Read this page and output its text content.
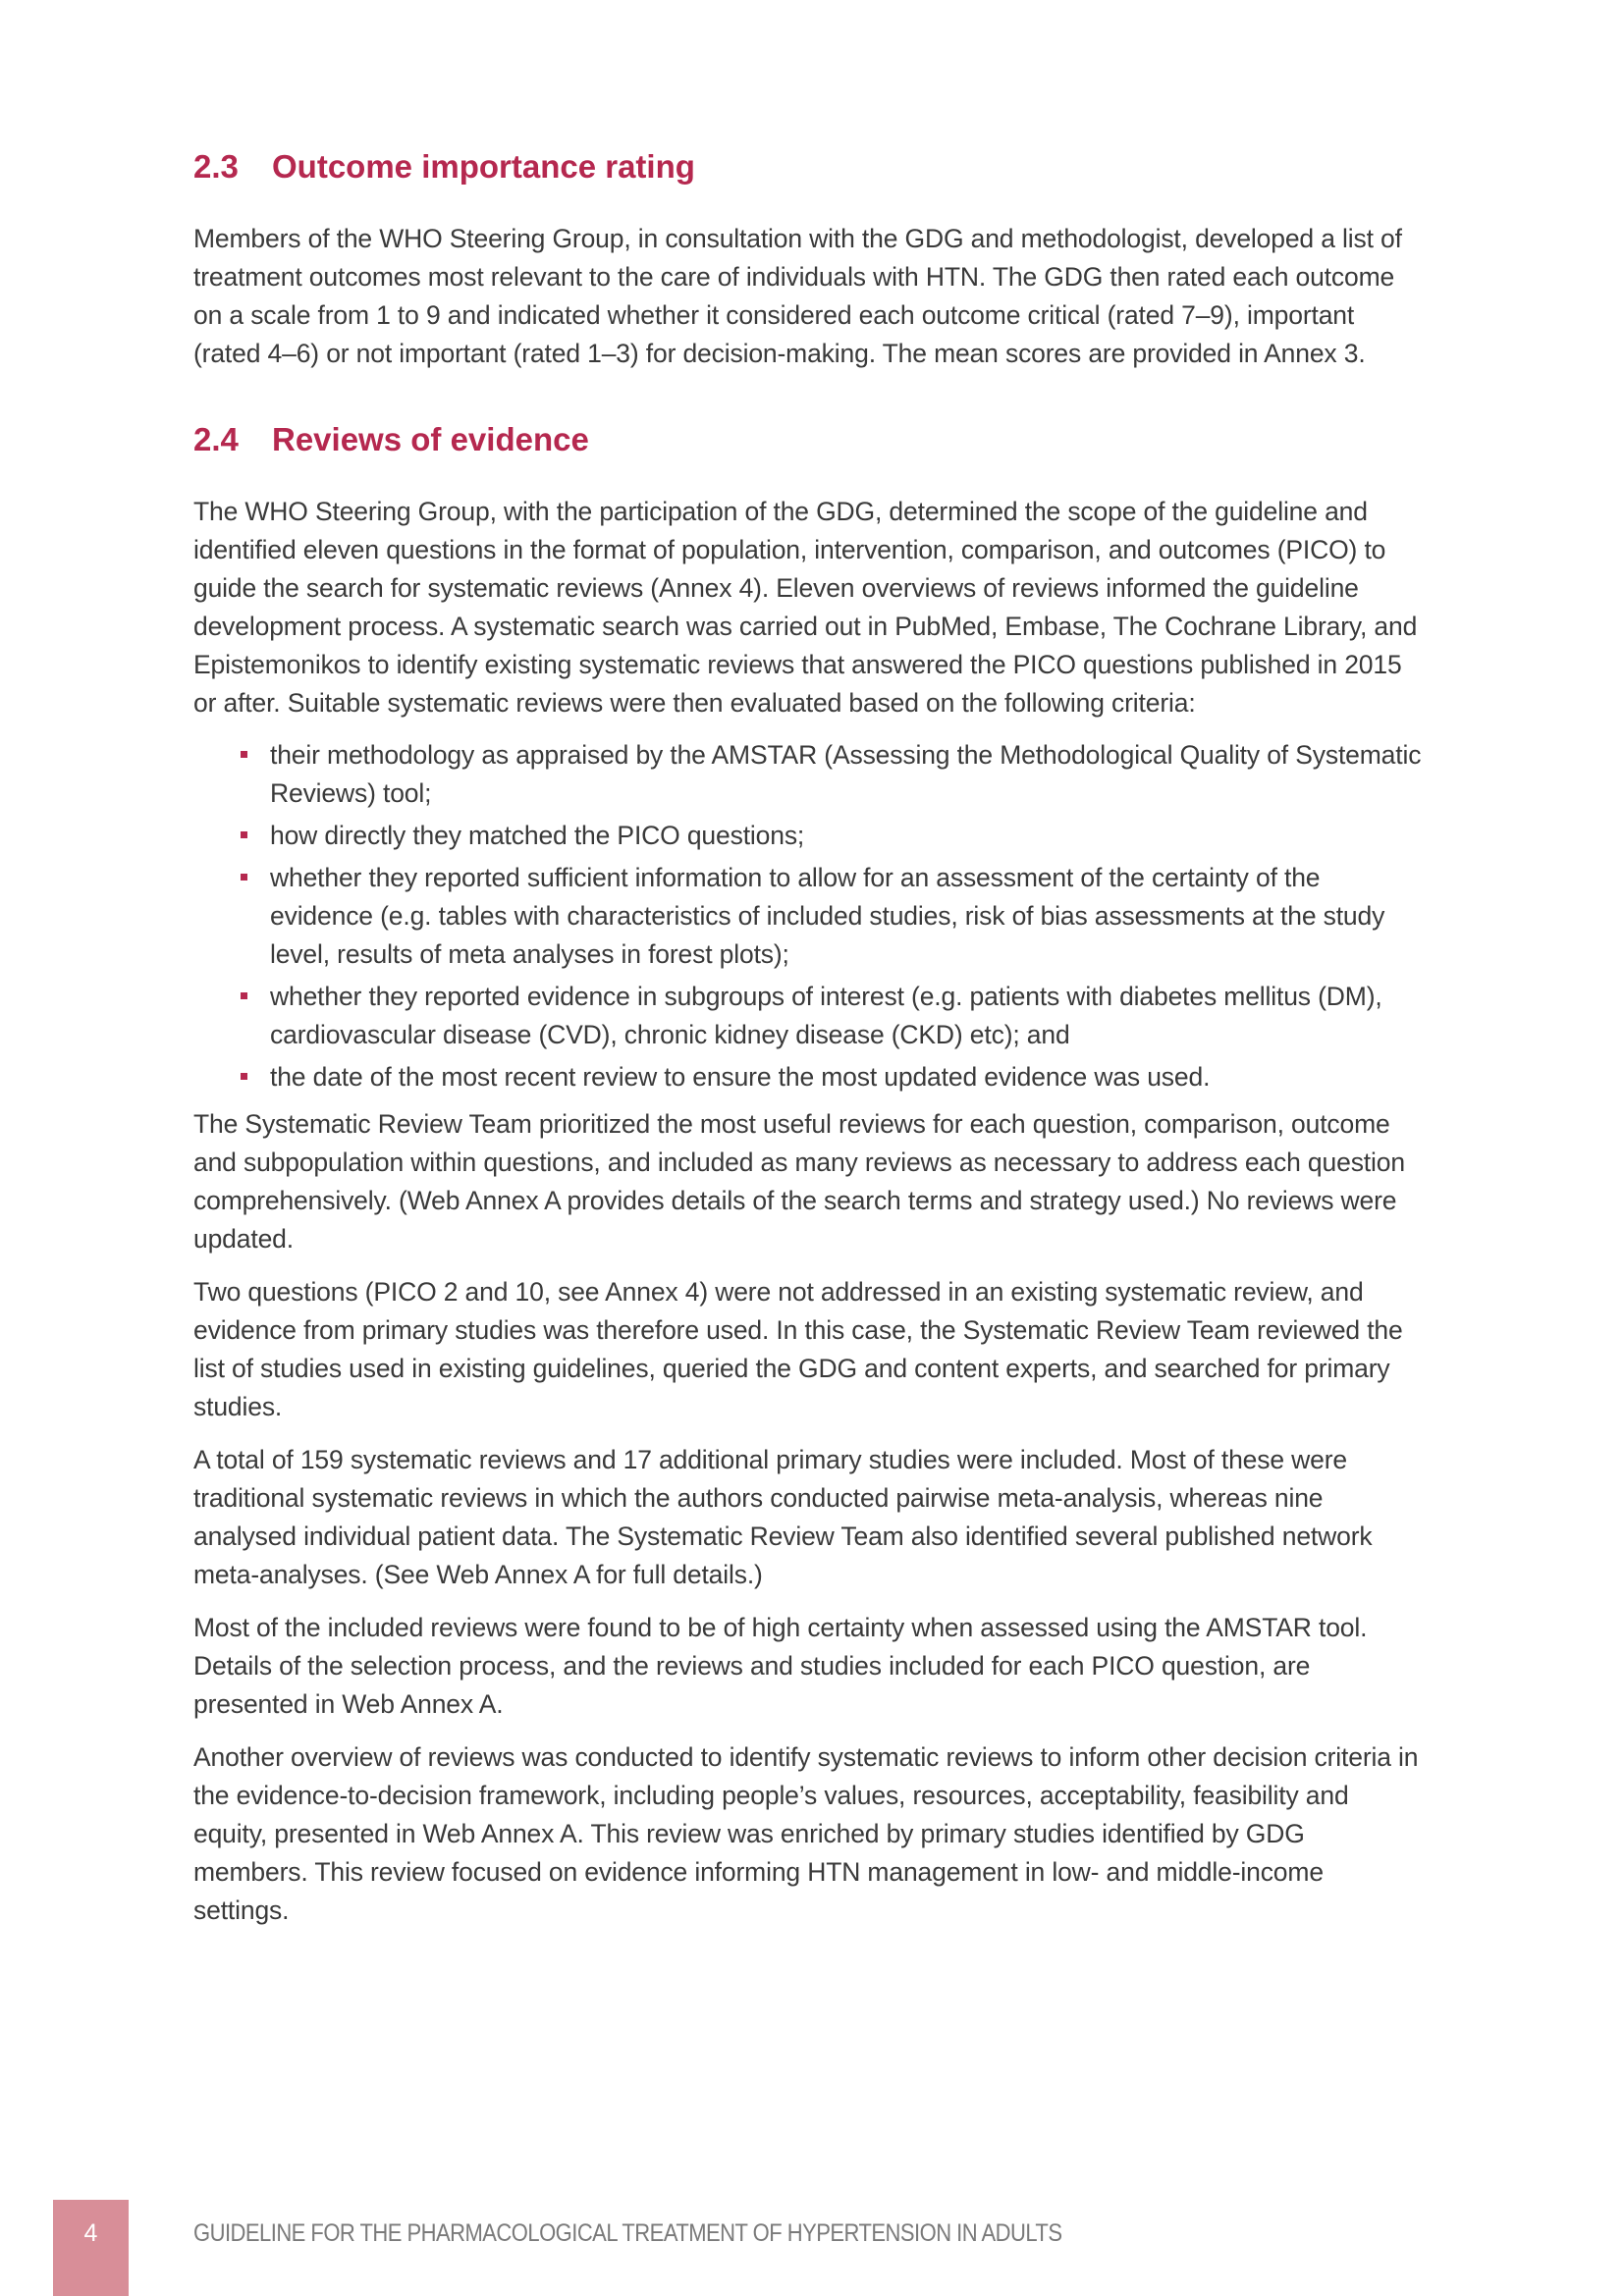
2.3 Outcome importance rating

Members of the WHO Steering Group, in consultation with the GDG and methodologist, developed a list of treatment outcomes most relevant to the care of individuals with HTN. The GDG then rated each outcome on a scale from 1 to 9 and indicated whether it considered each outcome critical (rated 7–9), important (rated 4–6) or not important (rated 1–3) for decision-making. The mean scores are provided in Annex 3.

2.4 Reviews of evidence

The WHO Steering Group, with the participation of the GDG, determined the scope of the guideline and identified eleven questions in the format of population, intervention, comparison, and outcomes (PICO) to guide the search for systematic reviews (Annex 4). Eleven overviews of reviews informed the guideline development process. A systematic search was carried out in PubMed, Embase, The Cochrane Library, and Epistemonikos to identify existing systematic reviews that answered the PICO questions published in 2015 or after. Suitable systematic reviews were then evaluated based on the following criteria:

their methodology as appraised by the AMSTAR (Assessing the Methodological Quality of Systematic Reviews) tool;
how directly they matched the PICO questions;
whether they reported sufficient information to allow for an assessment of the certainty of the evidence (e.g. tables with characteristics of included studies, risk of bias assessments at the study level, results of meta analyses in forest plots);
whether they reported evidence in subgroups of interest (e.g. patients with diabetes mellitus (DM), cardiovascular disease (CVD), chronic kidney disease (CKD) etc); and
the date of the most recent review to ensure the most updated evidence was used.

The Systematic Review Team prioritized the most useful reviews for each question, comparison, outcome and subpopulation within questions, and included as many reviews as necessary to address each question comprehensively. (Web Annex A provides details of the search terms and strategy used.) No reviews were updated.

Two questions (PICO 2 and 10, see Annex 4) were not addressed in an existing systematic review, and evidence from primary studies was therefore used. In this case, the Systematic Review Team reviewed the list of studies used in existing guidelines, queried the GDG and content experts, and searched for primary studies.

A total of 159 systematic reviews and 17 additional primary studies were included. Most of these were traditional systematic reviews in which the authors conducted pairwise meta-analysis, whereas nine analysed individual patient data. The Systematic Review Team also identified several published network meta-analyses. (See Web Annex A for full details.)

Most of the included reviews were found to be of high certainty when assessed using the AMSTAR tool. Details of the selection process, and the reviews and studies included for each PICO question, are presented in Web Annex A.

Another overview of reviews was conducted to identify systematic reviews to inform other decision criteria in the evidence-to-decision framework, including people’s values, resources, acceptability, feasibility and equity, presented in Web Annex A. This review was enriched by primary studies identified by GDG members. This review focused on evidence informing HTN management in low- and middle-income settings.

4	GUIDELINE FOR THE PHARMACOLOGICAL TREATMENT OF HYPERTENSION IN ADULTS
